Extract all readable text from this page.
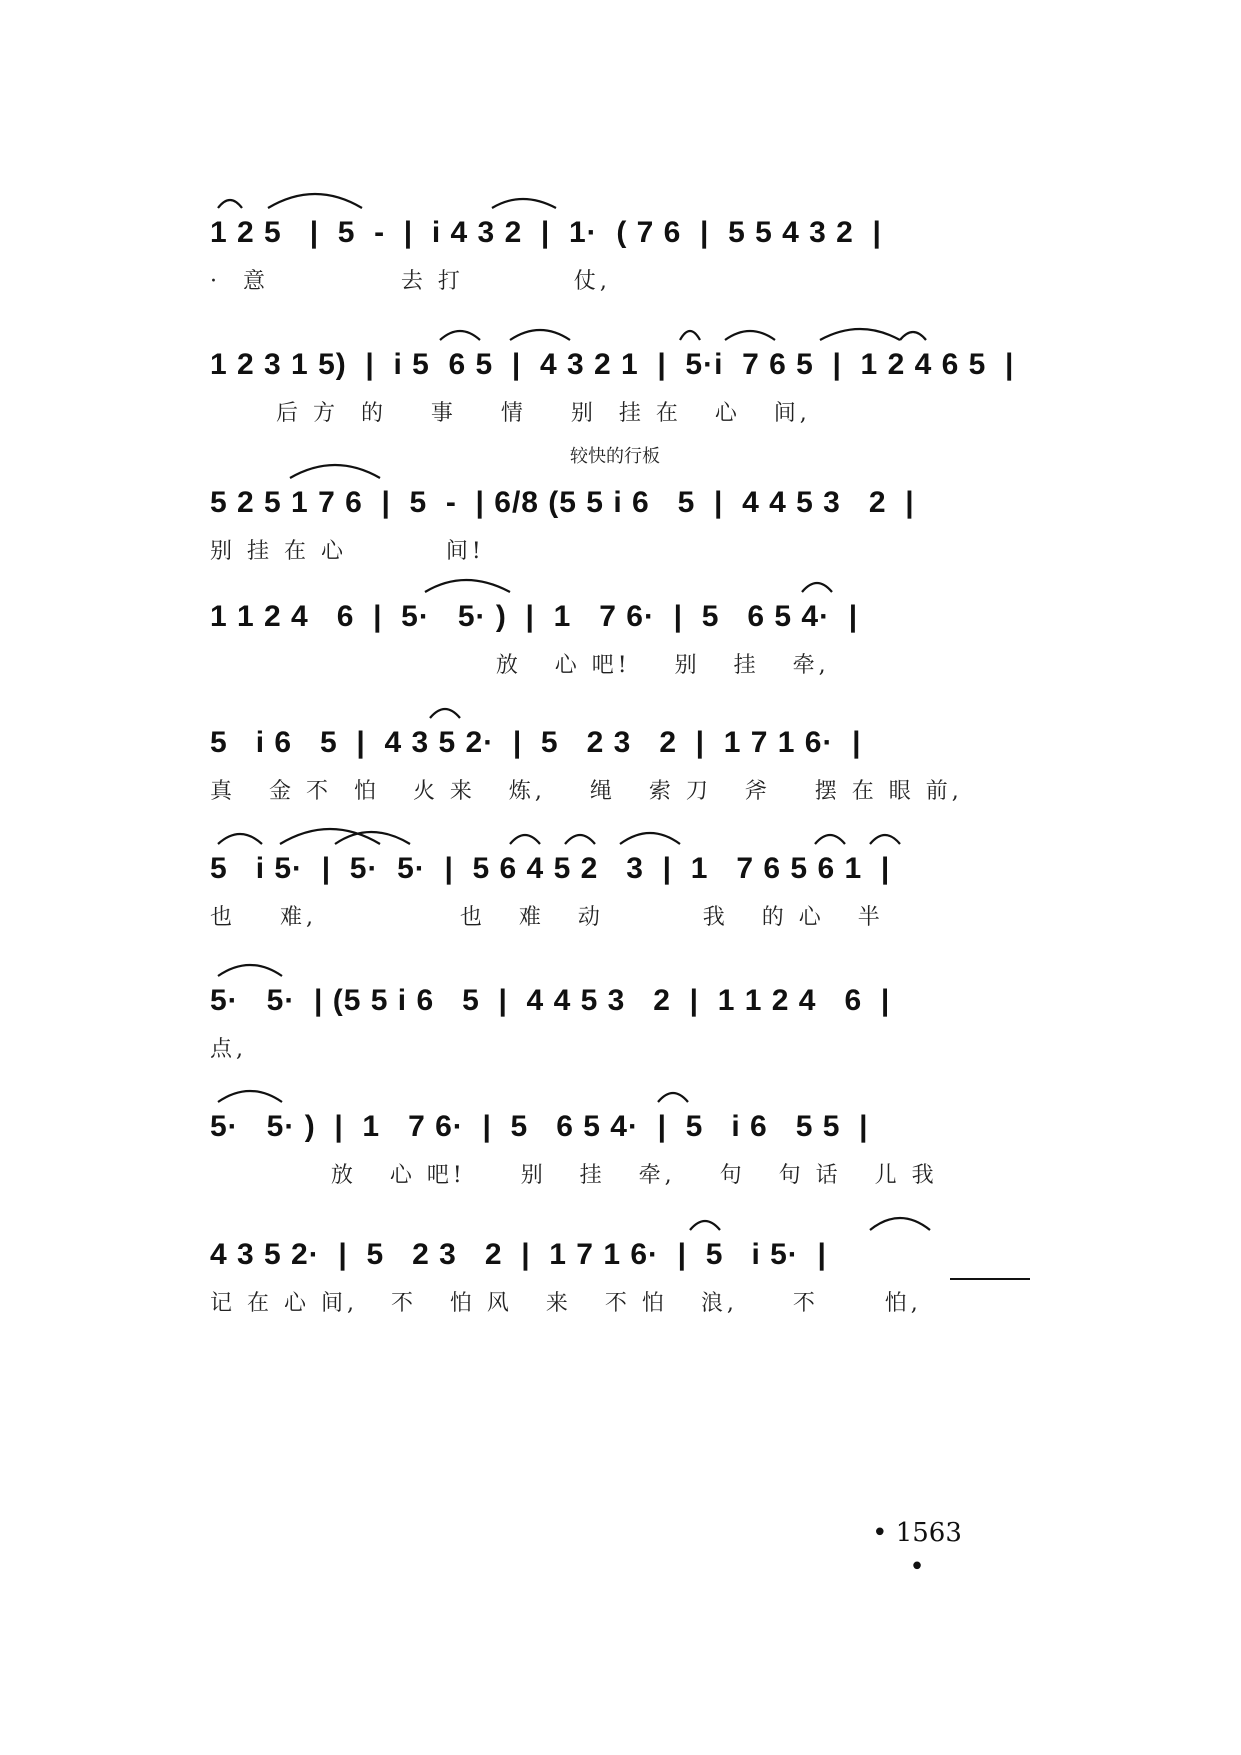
1 2 5   |  5  -  |  i 4 3 2  |  1·  ( 7 6  |  5 5 4 3 2  |
·  意            去 打          仗,
1 2 3 1 5)  |  i 5  6 5  |  4 3 2 1  |  5·i  7 6 5  |  1 2 4 6 5  |
后 方  的    事    情    别  挂 在   心   间,
较快的行板
5 2 5 1 7 6  |  5  -  | 6/8 (5 5 i 6   5  |  4 4 5 3   2  |
别 挂 在 心         间!
1 1 2 4   6  |  5·   5· )  |  1   7 6·  |  5   6 5 4·  |
放   心 吧!    别   挂   牵,
5   i 6   5  |  4 3 5 2·  |  5   2 3   2  |  1 7 1 6·  |
真   金 不  怕   火 来   炼,    绳   索 刀   斧    摆 在 眼 前,
5   i 5·  |  5·  5·  |  5 6 4 5 2   3  |  1   7 6 5 6 1  |
也    难,             也   难   动         我   的 心   半
5·   5·  | (5 5 i 6   5  |  4 4 5 3   2  |  1 1 2 4   6  |
点,
5·   5· )  |  1   7 6·  |  5   6 5 4·  |  5   i 6   5 5  |
放   心 吧!     别   挂   牵,    句   句 话   儿 我
4 3 5 2·  |  5   2 3   2  |  1 7 1 6·  |  5   i 5·  |
记 在 心 间,   不   怕 风   来   不 怕   浪,     不      怕,
• 1563 •
